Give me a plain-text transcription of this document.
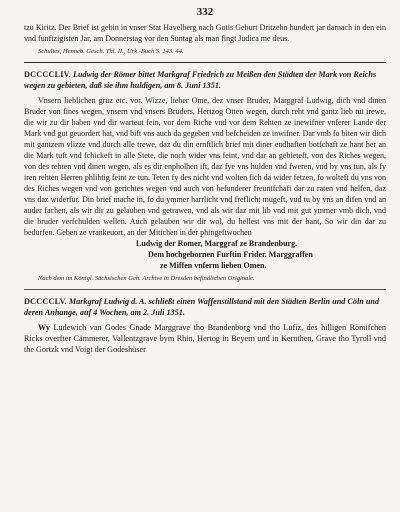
332

tzu Kiritz. Der Brief ist gebin in vnser Stat Havelberg nach Gotis Geburt Dritzehn hundert jar darnach in den ein vnd funftzigisten Jar, am Donnerstag vor den Suntag als man fingt Judica me deus.

Schultes, Henneb. Gesch. Thl. II., Urk.-Buch S. 143. 44.

DCCCCLIV. Ludwig der Römer bittet Markgraf Friedrich zu Meißen den Städten der Mark von Reichs wegen zu gebieten, daß sie ihm huldigen, am 8. Juni 1351.

Vnsern lieblichen gruz etc. vor. Wizze, lieber Ome, dez vnser Bruder, Marggraf Ludwig, dich vnd dinen Bruder von fines wegen, vnsern vnd vnsers Bruders, Hertzog Otten wegen, durch reht vnd gantz lieb tut irewe, die wir zu dir haben vnd dir warteut fein, vor dem Riche vnd vor dem Rehten ze inewifner vnferer Lande der Mark vnd gut geuordert hat, vnd bift vns auch da gegeben vnd befcheiden ze inwifner. Dar vmb fo biten wir dich mit gantzem vlizze vnd durch alle trewe, daz du din ernftlich brief mit diner endhaften botfchaft ze hant her an die Mark tuft vnd fchickeft in alle Stete, die noch wider vns feint, vnd dar an gebieteft, von des Riches wegen, von des rehten vnd dinen wegen, als es dir enpholhen ift, daz fye vns hulden vnd fweren, vnd by vns tun, als fy iren rehten Herren phlihtig feint ze tun. Teten fy des nicht vnd wolten fich da wider fetzen, fo wolteft du vns von des Riches wegen vnd von gerichtes wegen vnd auch von befunderer freuntfchaft dar zu raten vnd helfen, daz vns daz widerfur. Din brief mache in, fo du ymmer harrlicht vnd freflicht mugeft, vud tu by vns an difen vnd an auder fachen, als wir dir zu gelauben vnd getrawen, vnd als wir daz mit lib vnd mit gut ymmer vmb dich, vnd die bruder verfchulden wellen. Auch gelauben wir dir wol, du hellest vns mit der hant, So wir din dar zu bedurfen. Geben ze vrankeuort, an der Mitichen in der phingeftwochen

Ludwig der Romer, Marggraf ze Brandenburg.

Dem hochgebornen Furftin Frider. Marggraffen

ze Miffen vnferm lieben Omen.

Nach dem im Königl. Sächsischen Geh. Archive in Dresden befindlichen Originale.

DCCCCLV. Markgraf Ludwig d. A. schließt einen Waffenstillstand mit den Städten Berlin und Cöln und deren Anhange, auf 4 Wochen, am 2. Juli 1351.

Wy Ludewich van Godes Gnade Marggrave tho Brandenborg vnd tho Lufiz, des hilligen Römifchen Ricks overfter Cämmerer, Vallentzgrave bym Rhin, Hertog in Beyern und in Kernthen, Grave tho Tyroll vnd the Gortzk vnd Voigt der Godeshüser
